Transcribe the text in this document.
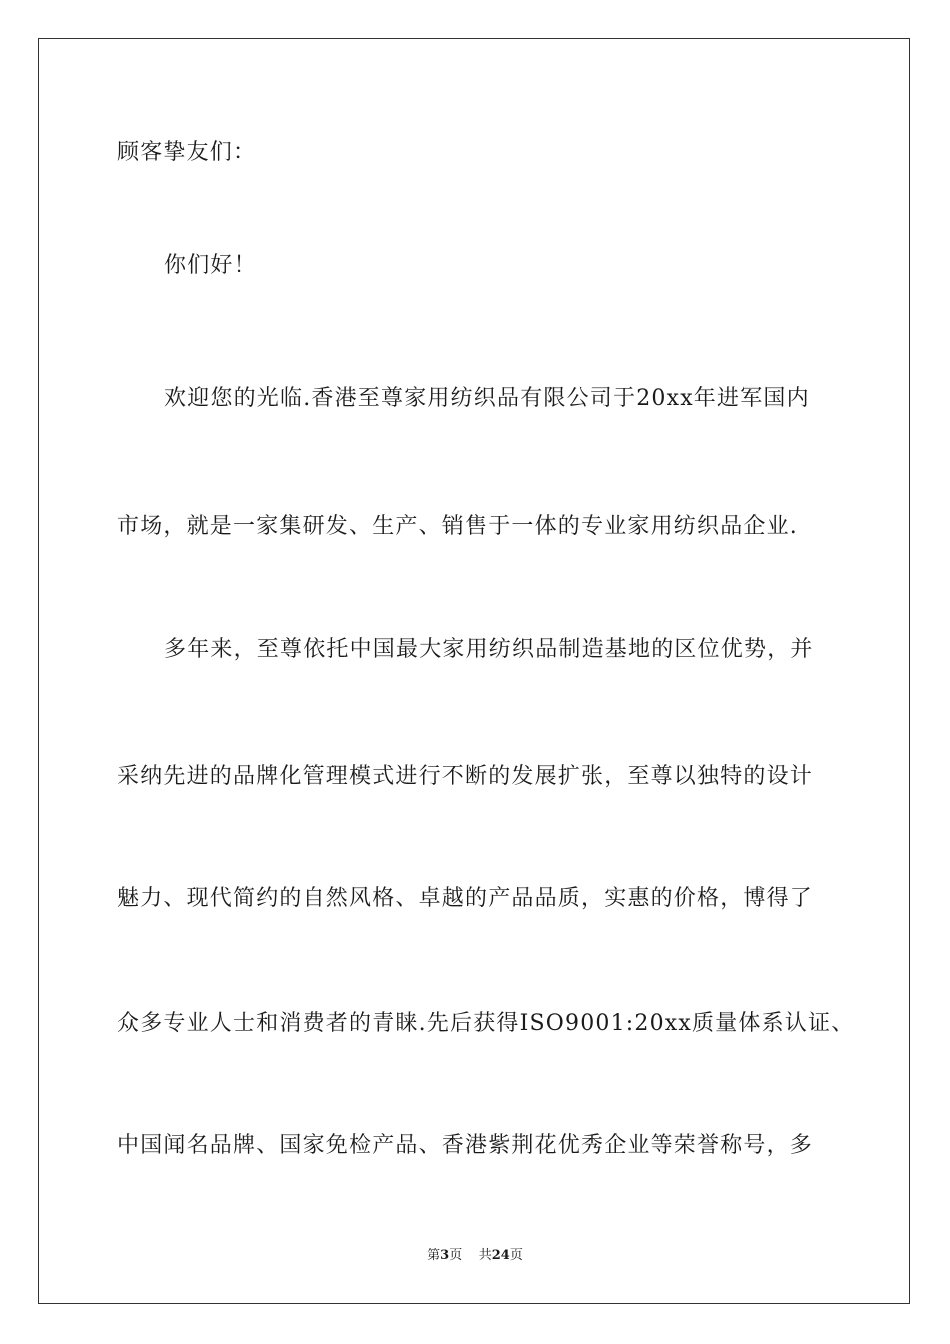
顾客挚友们：
你们好！
欢迎您的光临.香港至尊家用纺织品有限公司于20xx年进军国内
市场，就是一家集研发、生产、销售于一体的专业家用纺织品企业.
多年来，至尊依托中国最大家用纺织品制造基地的区位优势，并
采纳先进的品牌化管理模式进行不断的发展扩张，至尊以独特的设计
魅力、现代简约的自然风格、卓越的产品品质，实惠的价格，博得了
众多专业人士和消费者的青睐.先后获得ISO9001:20xx质量体系认证、
中国闻名品牌、国家免检产品、香港紫荆花优秀企业等荣誉称号，多
第3页 共24页
